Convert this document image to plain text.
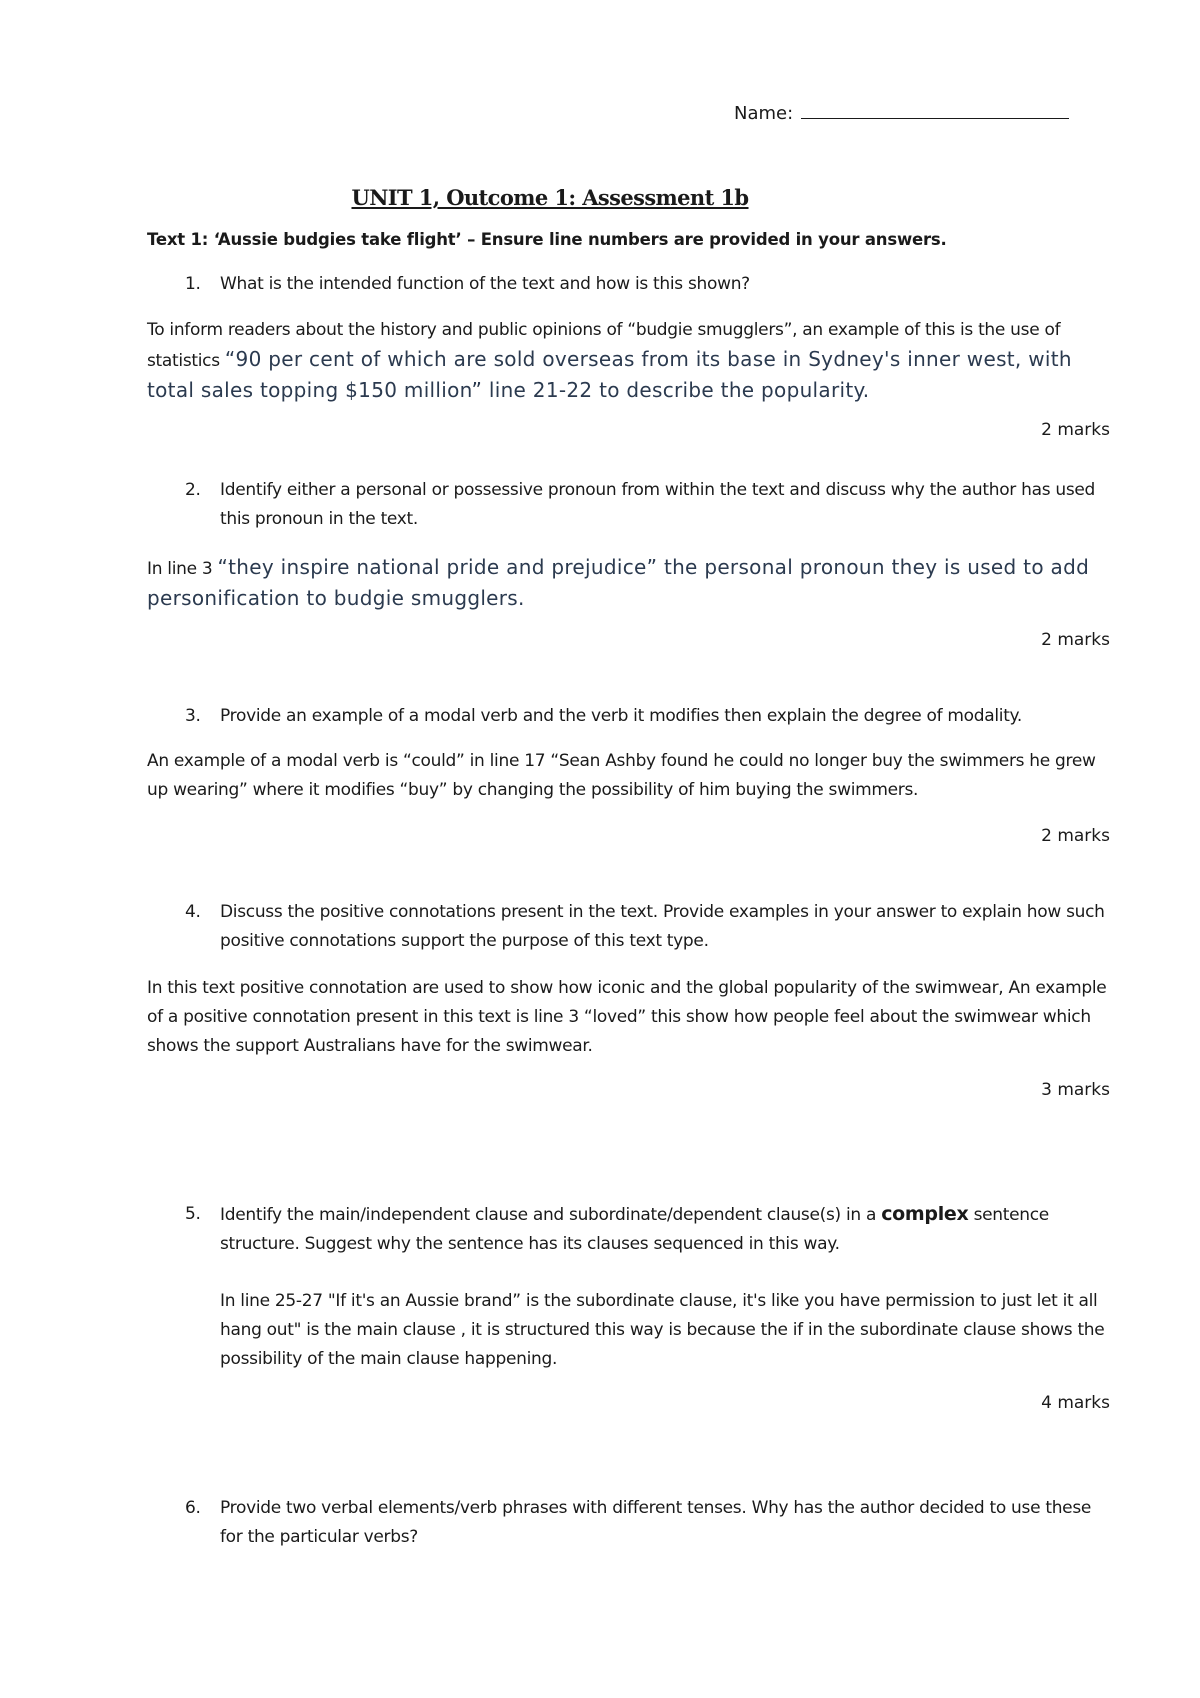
Name:
UNIT 1, Outcome 1: Assessment 1b
Text 1: ‘Aussie budgies take flight’ – Ensure line numbers are provided in your answers.
1. What is the intended function of the text and how is this shown?
To inform readers about the history and public opinions of “budgie smugglers”, an example of this is the use of statistics “90 per cent of which are sold overseas from its base in Sydney's inner west, with total sales topping $150 million” line 21-22 to describe the popularity.
2 marks
2. Identify either a personal or possessive pronoun from within the text and discuss why the author has used this pronoun in the text.
In line 3 “they inspire national pride and prejudice” the personal pronoun they is used to add personification to budgie smugglers.
2 marks
3. Provide an example of a modal verb and the verb it modifies then explain the degree of modality.
An example of a modal verb is “could” in line 17 “Sean Ashby found he could no longer buy the swimmers he grew up wearing” where it modifies “buy” by changing the possibility of him buying the swimmers.
2 marks
4. Discuss the positive connotations present in the text. Provide examples in your answer to explain how such positive connotations support the purpose of this text type.
In this text positive connotation are used to show how iconic and the global popularity of the swimwear, An example of a positive connotation present in this text is line 3 “loved” this show how people feel about the swimwear which shows the support Australians have for the swimwear.
3 marks
5. Identify the main/independent clause and subordinate/dependent clause(s) in a complex sentence structure. Suggest why the sentence has its clauses sequenced in this way.
In line 25-27 "If it's an Aussie brand” is the subordinate clause, it's like you have permission to just let it all hang out" is the main clause , it is structured this way is because the if in the subordinate clause shows the possibility of the main clause happening.
4 marks
6. Provide two verbal elements/verb phrases with different tenses. Why has the author decided to use these for the particular verbs?
